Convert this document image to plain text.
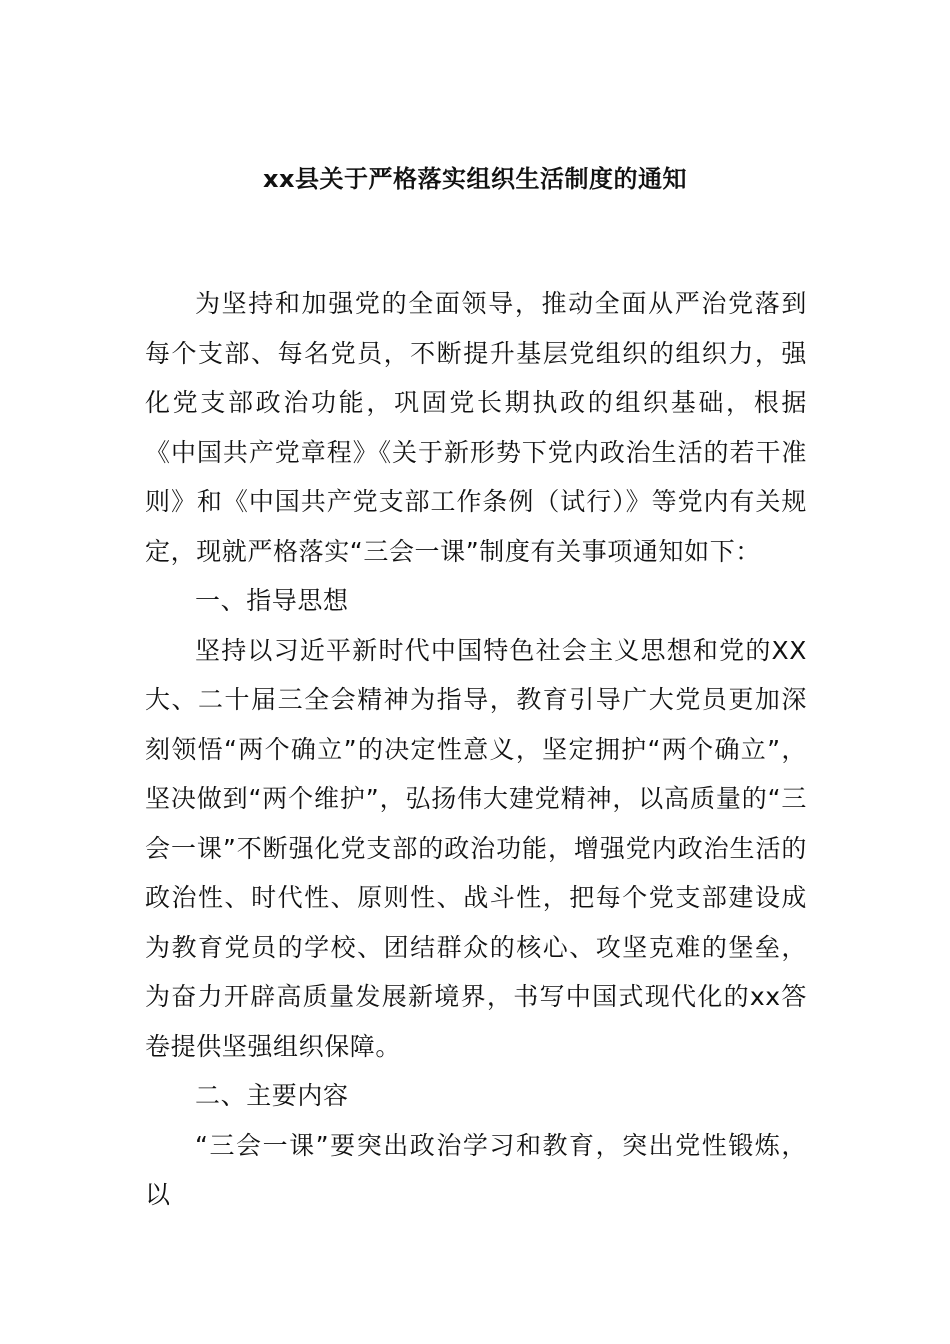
xx县关于严格落实组织生活制度的通知

为坚持和加强党的全面领导，推动全面从严治党落到每个支部、每名党员，不断提升基层党组织的组织力，强化党支部政治功能，巩固党长期执政的组织基础，根据《中国共产党章程》《关于新形势下党内政治生活的若干准则》和《中国共产党支部工作条例（试行）》等党内有关规定，现就严格落实“三会一课”制度有关事项通知如下：

一、指导思想

坚持以习近平新时代中国特色社会主义思想和党的XX大、二十届三全会精神为指导，教育引导广大党员更加深刻领悟“两个确立”的决定性意义，坚定拥护“两个确立”，坚决做到“两个维护”，弘扬伟大建党精神，以高质量的“三会一课”不断强化党支部的政治功能，增强党内政治生活的政治性、时代性、原则性、战斗性，把每个党支部建设成为教育党员的学校、团结群众的核心、攻坚克难的堡垒，为奋力开辟高质量发展新境界，书写中国式现代化的xx答卷提供坚强组织保障。

二、主要内容

“三会一课”要突出政治学习和教育，突出党性锻炼，以
